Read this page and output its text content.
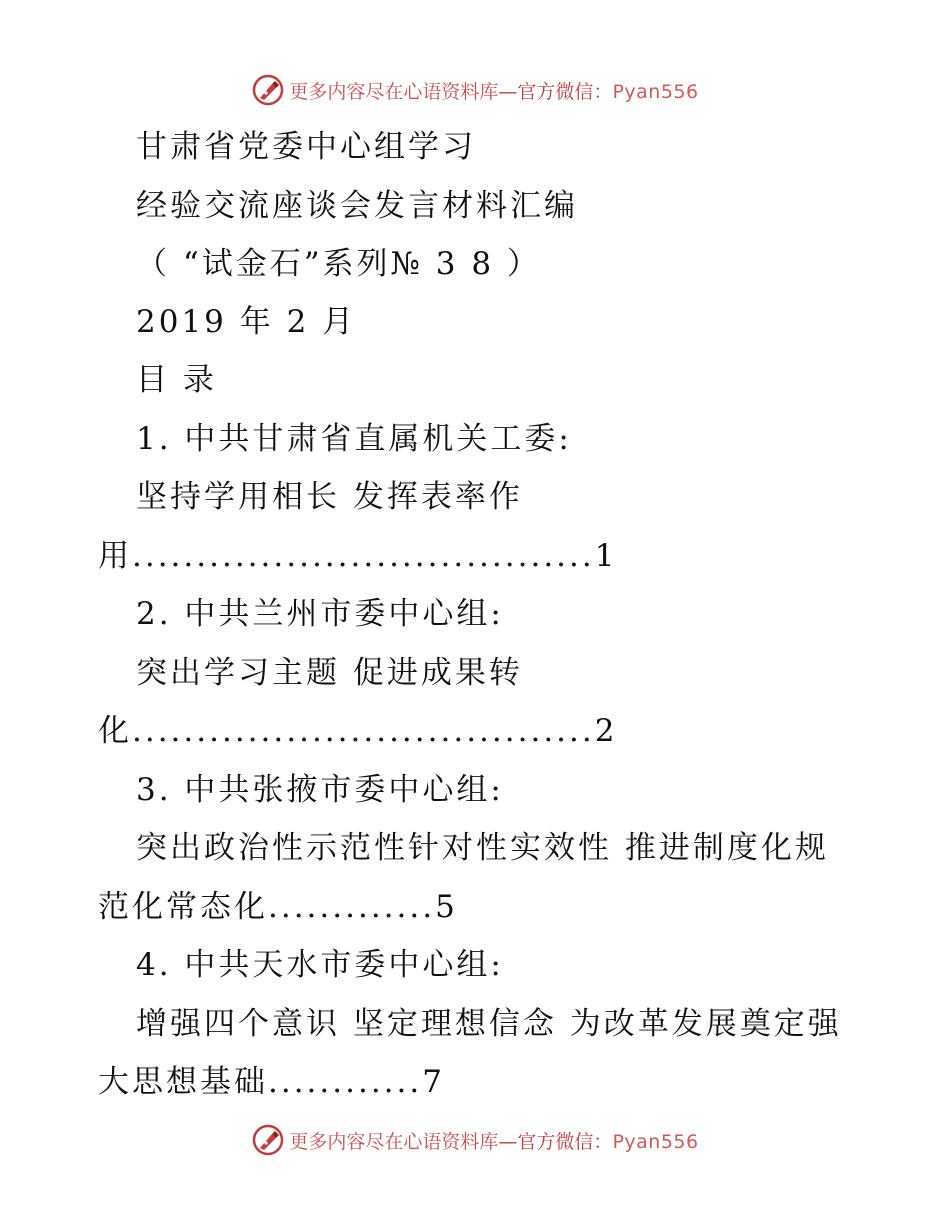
更多内容尽在心语资料库—官方微信：Pyan556
甘肃省党委中心组学习
经验交流座谈会发言材料汇编
（ “试金石”系列№ 3 8 ）
2019 年 2 月
目 录
1. 中共甘肃省直属机关工委:
坚持学用相长 发挥表率作
用....................................1
2. 中共兰州市委中心组:
突出学习主题 促进成果转
化....................................2
3. 中共张掖市委中心组:
突出政治性示范性针对性实效性 推进制度化规
范化常态化.............5
4. 中共天水市委中心组:
增强四个意识 坚定理想信念 为改革发展奠定强
大思想基础............7
更多内容尽在心语资料库—官方微信：Pyan556
